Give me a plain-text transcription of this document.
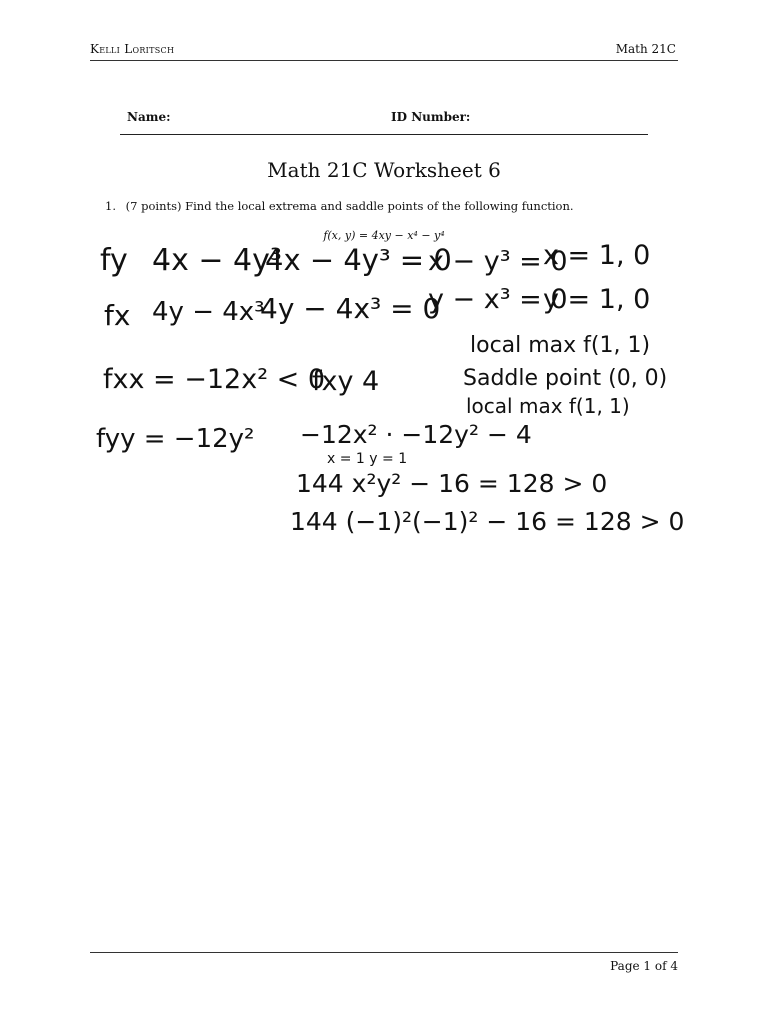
Kelli Loritsch	Math 21C
Name:	ID Number:
Math 21C Worksheet 6
1. (7 points) Find the local extrema and saddle points of the following function.
f(x, y) = 4xy − x⁴ − y⁴
fy 4x − 4y³
4x − 4y³ = 0
x − y³ = 0
x = 1, 0
fx 4y − 4x³
4y − 4x³ = 0
y − x³ = 0
y = 1, 0
local max f(1, 1)
Saddle point (0, 0)
local max f(1, 1)
fxx = −12x² < 0
fxy 4
fyy = −12y² −12x² · −12y² − 4
x = 1 y = 1
144 x²y² − 16 = 128 > 0
144 (−1)²(−1)² − 16 = 128 > 0
Page 1 of 4
